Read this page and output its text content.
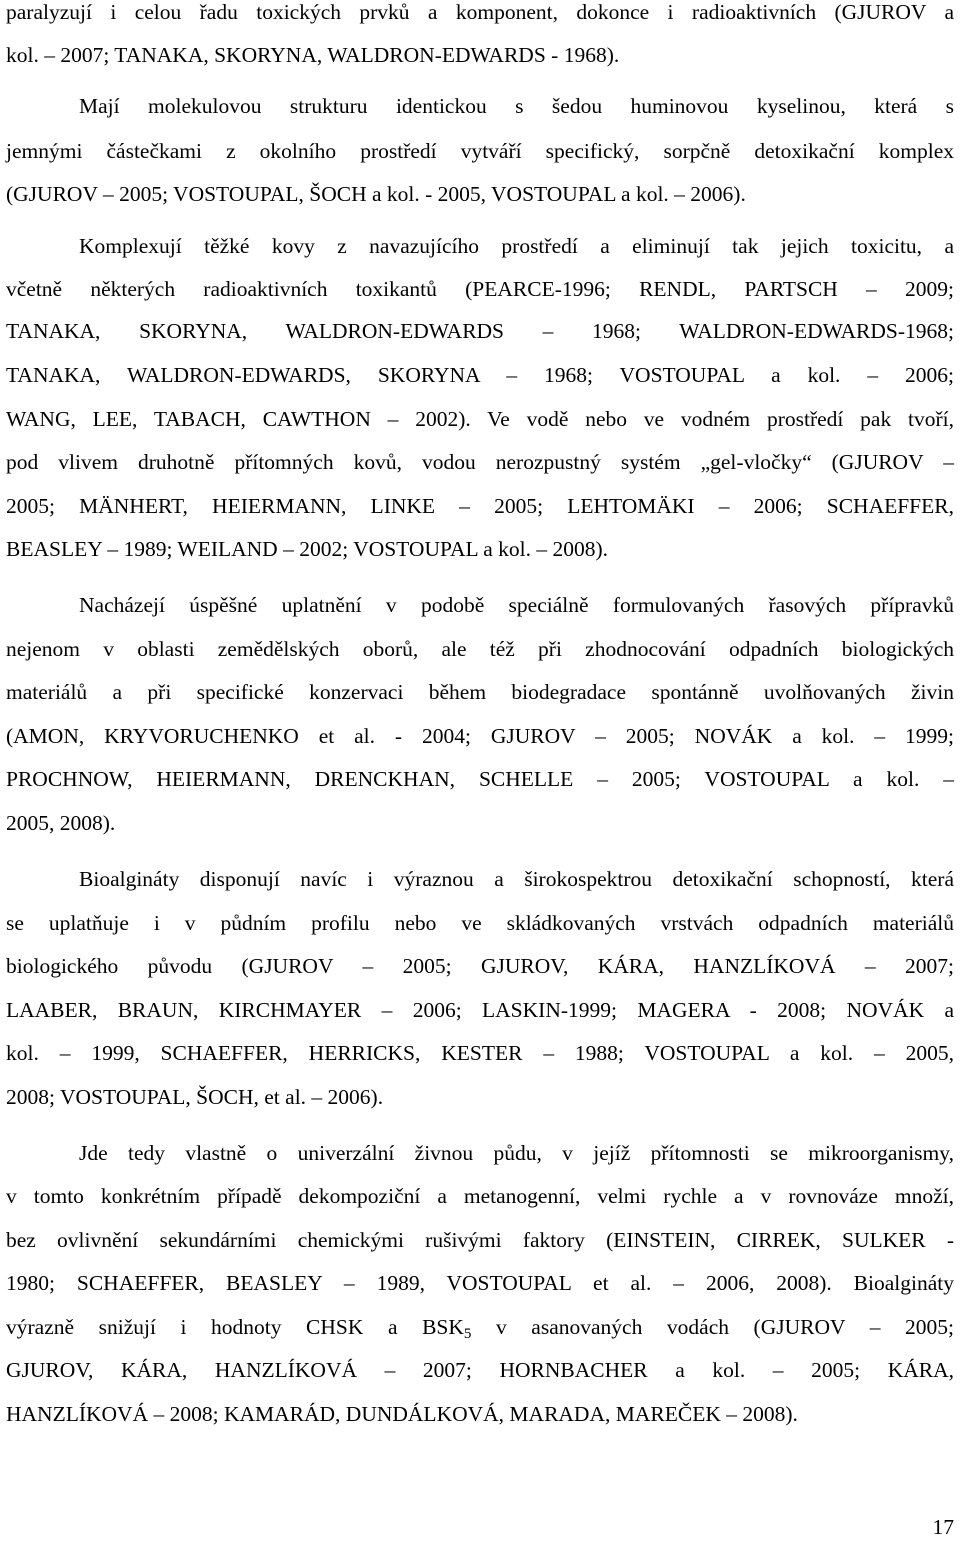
paralyzují i celou řadu toxických prvků a komponent, dokonce i radioaktivních (GJUROV a
kol. – 2007; TANAKA, SKORYNA, WALDRON-EDWARDS - 1968).
Mají molekulovou strukturu identickou s šedou huminovou kyselinou, která s
jemnými částečkami z okolního prostředí vytváří specifický, sorpčně detoxikační komplex
(GJUROV – 2005; VOSTOUPAL, ŠOCH a kol. - 2005, VOSTOUPAL a kol. – 2006).
Komplexují těžké kovy z navazujícího prostředí a eliminují tak jejich toxicitu, a
včetně některých radioaktivních toxikantů (PEARCE-1996; RENDL, PARTSCH – 2009;
TANAKA, SKORYNA, WALDRON-EDWARDS – 1968; WALDRON-EDWARDS-1968;
TANAKA, WALDRON-EDWARDS, SKORYNA – 1968; VOSTOUPAL a kol. – 2006;
WANG, LEE, TABACH, CAWTHON – 2002). Ve vodě nebo ve vodném prostředí pak tvoří,
pod vlivem druhotně přítomných kovů, vodou nerozpustný systém „gel-vločky“ (GJUROV –
2005; MÄNHERT, HEIERMANN, LINKE – 2005; LEHTOMÄKI – 2006; SCHAEFFER,
BEASLEY – 1989; WEILAND – 2002; VOSTOUPAL a kol. – 2008).
Nacházejí úspěšné uplatnění v podobě speciálně formulovaných řasových přípravků
nejenom v oblasti zemědělských oborů, ale též při zhodnocování odpadních biologických
materiálů a při specifické konzervaci během biodegradace spontánně uvolňovaných živin
(AMON, KRYVORUCHENKO et al. - 2004; GJUROV – 2005; NOVÁK a kol. – 1999;
PROCHNOW, HEIERMANN, DRENCKHAN, SCHELLE – 2005; VOSTOUPAL a kol. –
2005, 2008).
Bioalgináty disponují navíc i výraznou a širokospektrou detoxikační schopností, která
se uplatňuje i v půdním profilu nebo ve skládkovaných vrstvách odpadních materiálů
biologického původu (GJUROV – 2005; GJUROV, KÁRA, HANZLÍKOVÁ – 2007;
LAABER, BRAUN, KIRCHMAYER – 2006; LASKIN-1999; MAGERA - 2008; NOVÁK a
kol. – 1999, SCHAEFFER, HERRICKS, KESTER – 1988; VOSTOUPAL a kol. – 2005,
2008; VOSTOUPAL, ŠOCH, et al. – 2006).
Jde tedy vlastně o univerzální živnou půdu, v jejíž přítomnosti se mikroorganismy,
v tomto konkrétním případě dekompoziční a metanogenní, velmi rychle a v rovnováze množí,
bez ovlivnění sekundárními chemickými rušivými faktory (EINSTEIN, CIRREK, SULKER -
1980; SCHAEFFER, BEASLEY – 1989, VOSTOUPAL et al. – 2006, 2008). Bioalgináty
výrazně snižují i hodnoty CHSK a $BSK_5$ v asanovaných vodách (GJUROV – 2005;
GJUROV, KÁRA, HANZLÍKOVÁ – 2007; HORNBACHER a kol. – 2005; KÁRA,
HANZLÍKOVÁ – 2008; KAMARÁD, DUNDÁLKOVÁ, MARADA, MAREČEK – 2008).
17
